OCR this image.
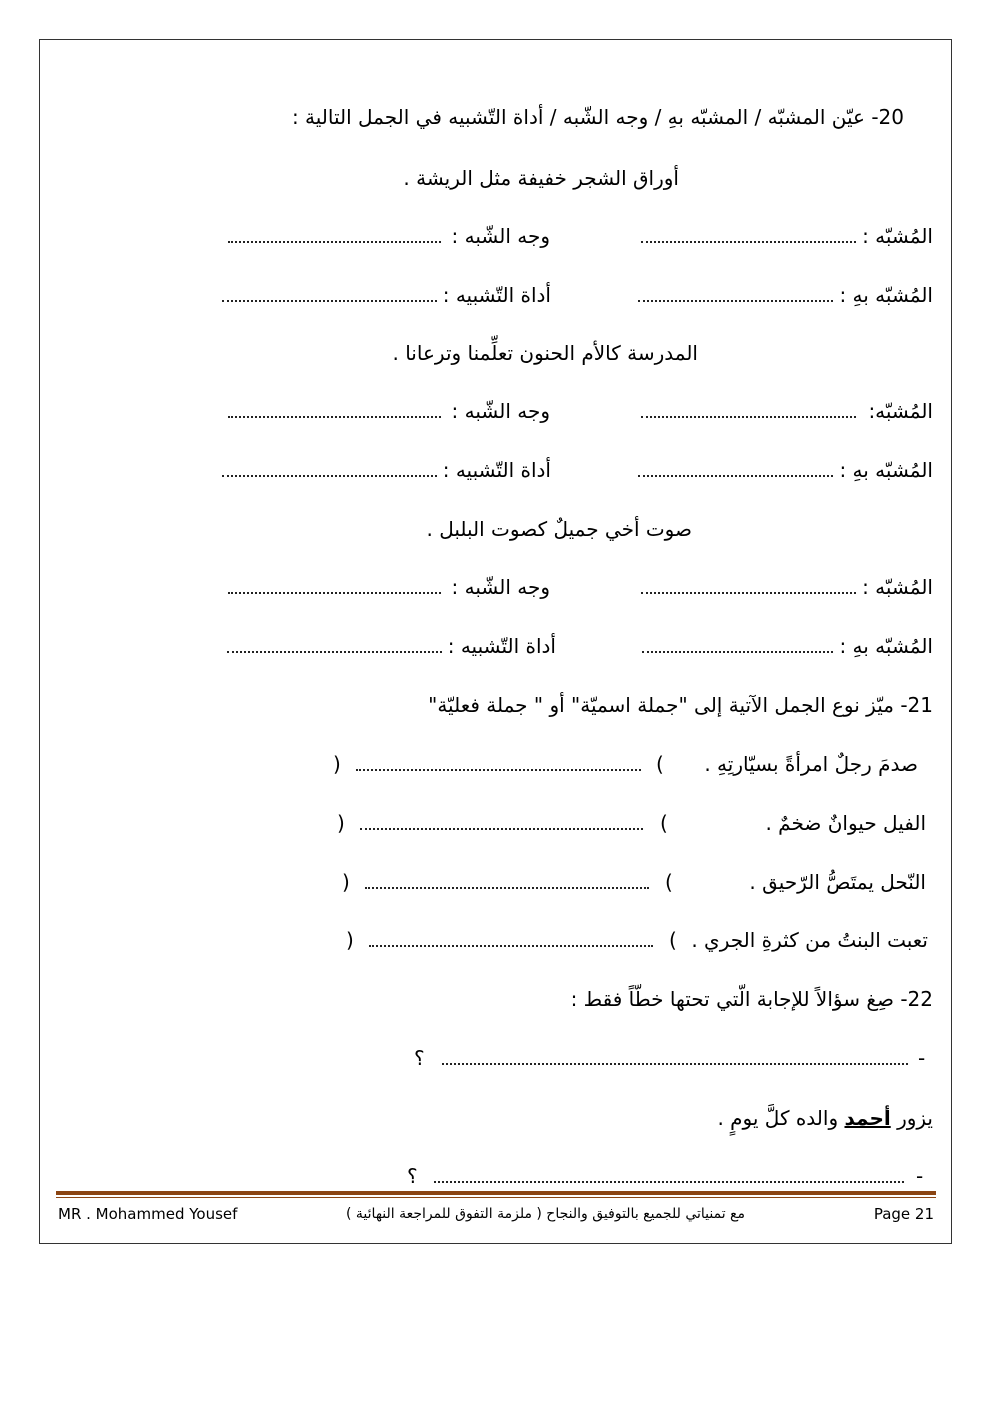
20- عيّن المشبّه / المشبّه بهِ / وجه الشّبه / أداة التّشبيه في الجمل التالية :
أوراق الشجر خفيفة مثل الريشة .
المُشبّه :
وجه الشّبه :
المُشبّه بهِ :
أداة التّشبيه :
المدرسة كالأم الحنون تعلِّمنا وترعانا .
المُشبّه:
وجه الشّبه :
المُشبّه بهِ :
أداة التّشبيه :
صوت أخي جميلٌ كصوت البلبل .
المُشبّه :
وجه الشّبه :
المُشبّه بهِ :
أداة التّشبيه :
21- ميّز نوع الجمل الآتية إلى "جملة اسميّة" أو " جملة فعليّة"
صدمَ رجلٌ امرأةً بسيّارتِهِ .
(
)
الفيل حيوانٌ ضخمٌ .
(
)
النّحل يمتَصُّ الرّحيق .
(
)
تعبت البنتُ من كثرةِ الجري .
(
)
22- صِغ سؤالاً للإجابة الّتي تحتها خطّاً فقط :
-
؟
يزور أحمد والده كلَّ يومٍ .
-
؟
MR . Mohammed Yousef	مع تمنياتي للجميع بالتوفيق والنجاح ( ملزمة التفوق للمراجعة النهائية )	Page 21
